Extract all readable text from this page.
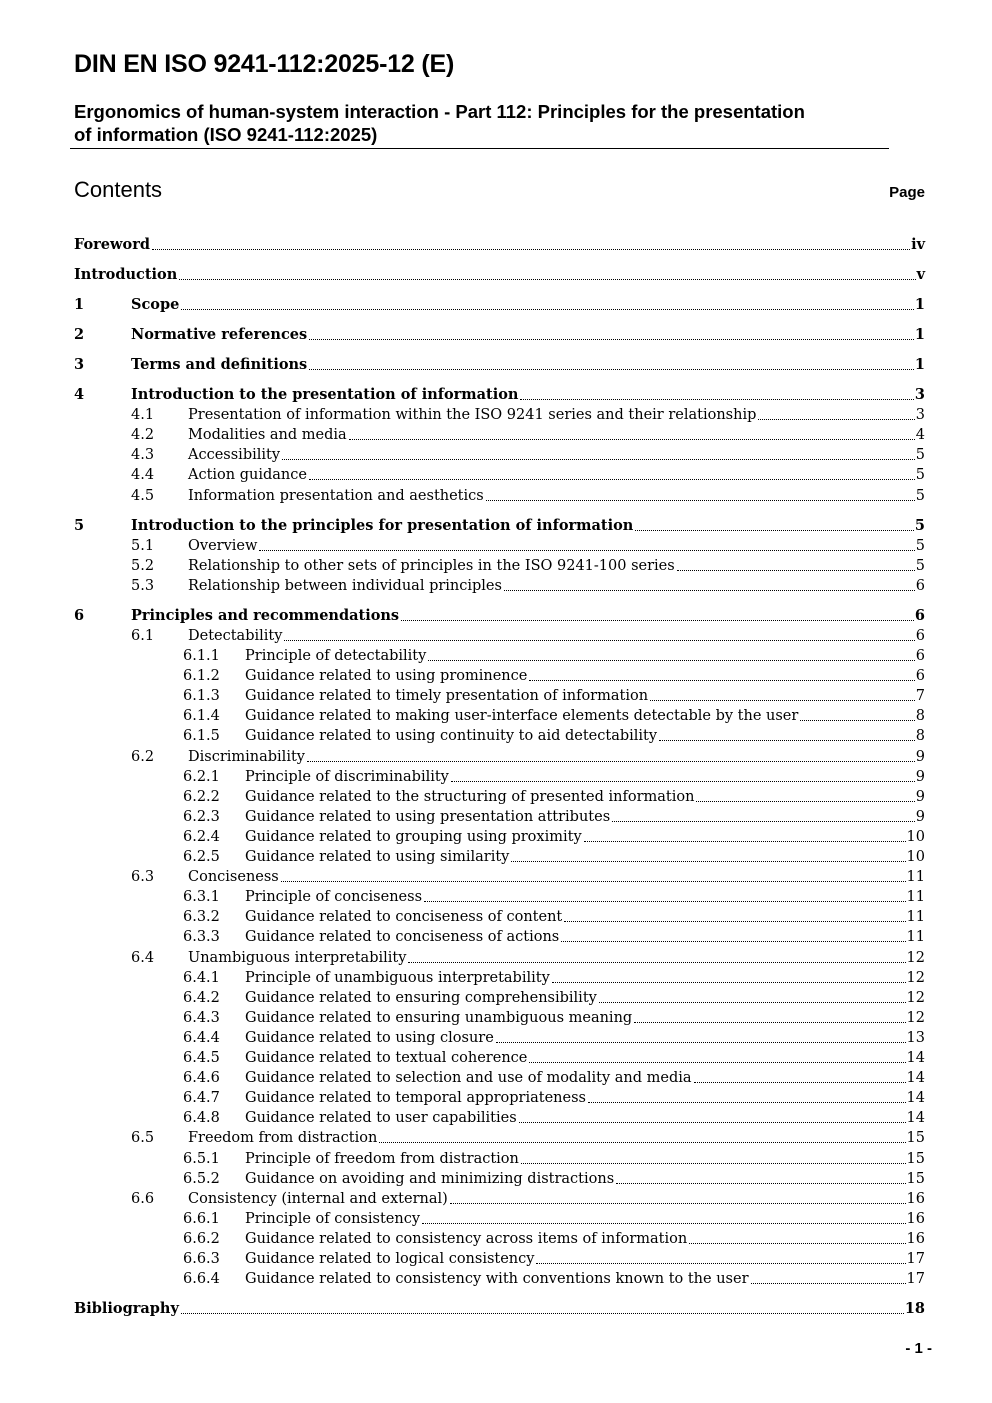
DIN EN ISO 9241-112:2025-12 (E)
Ergonomics of human-system interaction - Part 112: Principles for the presentation
of information (ISO 9241-112:2025)
Contents	Page
Foreword	iv
Introduction	v
1	Scope	1
2	Normative references	1
3	Terms and definitions	1
4	Introduction to the presentation of information	3
4.1	Presentation of information within the ISO 9241 series and their relationship	3
4.2	Modalities and media	4
4.3	Accessibility	5
4.4	Action guidance	5
4.5	Information presentation and aesthetics	5
5	Introduction to the principles for presentation of information	5
5.1	Overview	5
5.2	Relationship to other sets of principles in the ISO 9241-100 series	5
5.3	Relationship between individual principles	6
6	Principles and recommendations	6
6.1	Detectability	6
6.1.1	Principle of detectability	6
6.1.2	Guidance related to using prominence	6
6.1.3	Guidance related to timely presentation of information	7
6.1.4	Guidance related to making user-interface elements detectable by the user	8
6.1.5	Guidance related to using continuity to aid detectability	8
6.2	Discriminability	9
6.2.1	Principle of discriminability	9
6.2.2	Guidance related to the structuring of presented information	9
6.2.3	Guidance related to using presentation attributes	9
6.2.4	Guidance related to grouping using proximity	10
6.2.5	Guidance related to using similarity	10
6.3	Conciseness	11
6.3.1	Principle of conciseness	11
6.3.2	Guidance related to conciseness of content	11
6.3.3	Guidance related to conciseness of actions	11
6.4	Unambiguous interpretability	12
6.4.1	Principle of unambiguous interpretability	12
6.4.2	Guidance related to ensuring comprehensibility	12
6.4.3	Guidance related to ensuring unambiguous meaning	12
6.4.4	Guidance related to using closure	13
6.4.5	Guidance related to textual coherence	14
6.4.6	Guidance related to selection and use of modality and media	14
6.4.7	Guidance related to temporal appropriateness	14
6.4.8	Guidance related to user capabilities	14
6.5	Freedom from distraction	15
6.5.1	Principle of freedom from distraction	15
6.5.2	Guidance on avoiding and minimizing distractions	15
6.6	Consistency (internal and external)	16
6.6.1	Principle of consistency	16
6.6.2	Guidance related to consistency across items of information	16
6.6.3	Guidance related to logical consistency	17
6.6.4	Guidance related to consistency with conventions known to the user	17
Bibliography	18
- 1 -
